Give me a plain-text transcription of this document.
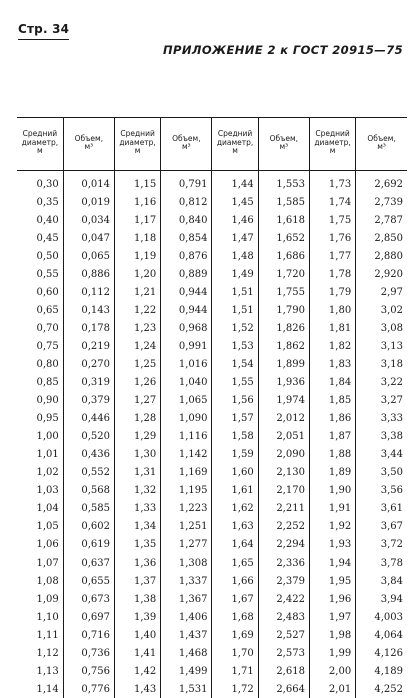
Стр. 34
ПРИЛОЖЕНИЕ 2 к ГОСТ 20915—75
Средний
диаметр,
м	Объем,
м³	Средний
диаметр,
м	Объем,
м³	Средний
диаметр,
м	Объем,
м³	Средний
диаметр,
м	Объем,
м³
0,30	0,014	1,15	0,791	1,44	1,553	1,73	2,692
0,35	0,019	1,16	0,812	1,45	1,585	1,74	2,739
0,40	0,034	1,17	0,840	1,46	1,618	1,75	2,787
0,45	0,047	1,18	0,854	1,47	1,652	1,76	2,850
0,50	0,065	1,19	0,876	1,48	1,686	1,77	2,880
0,55	0,886	1,20	0,889	1,49	1,720	1,78	2,920
0,60	0,112	1,21	0,944	1,51	1,755	1,79	2,97
0,65	0,143	1,22	0,944	1,51	1,790	1,80	3,02
0,70	0,178	1,23	0,968	1,52	1,826	1,81	3,08
0,75	0,219	1,24	0,991	1,53	1,862	1,82	3,13
0,80	0,270	1,25	1,016	1,54	1,899	1,83	3,18
0,85	0,319	1,26	1,040	1,55	1,936	1,84	3,22
0,90	0,379	1,27	1,065	1,56	1,974	1,85	3,27
0,95	0,446	1,28	1,090	1,57	2,012	1,86	3,33
1,00	0,520	1,29	1,116	1,58	2,051	1,87	3,38
1,01	0,436	1,30	1,142	1,59	2,090	1,88	3,44
1,02	0,552	1,31	1,169	1,60	2,130	1,89	3,50
1,03	0,568	1,32	1,195	1,61	2,170	1,90	3,56
1,04	0,585	1,33	1,223	1,62	2,211	1,91	3,61
1,05	0,602	1,34	1,251	1,63	2,252	1,92	3,67
1,06	0,619	1,35	1,277	1,64	2,294	1,93	3,72
1,07	0,637	1,36	1,308	1,65	2,336	1,94	3,78
1,08	0,655	1,37	1,337	1,66	2,379	1,95	3,84
1,09	0,673	1,38	1,367	1,67	2,422	1,96	3,94
1,10	0,697	1,39	1,406	1,68	2,483	1,97	4,003
1,11	0,716	1,40	1,437	1,69	2,527	1,98	4,064
1,12	0,736	1,41	1,468	1,70	2,573	1,99	4,126
1,13	0,756	1,42	1,499	1,71	2,618	2,00	4,189
1,14	0,776	1,43	1,531	1,72	2,664	2,01	4,252
